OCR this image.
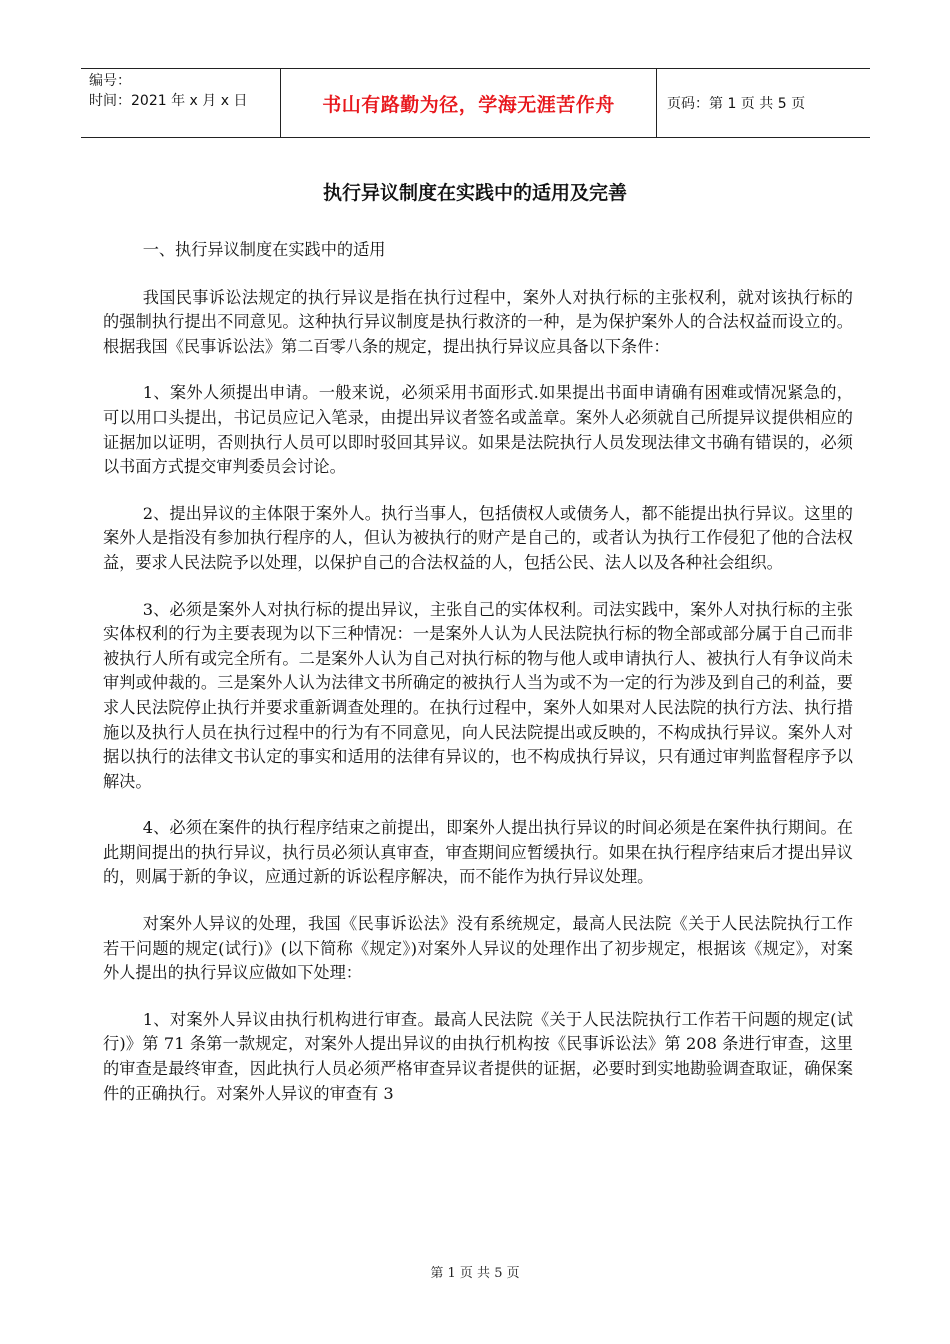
编号：
时间：2021 年 x 月 x 日	书山有路勤为径，学海无涯苦作舟	页码：第 1 页 共 5 页
执行异议制度在实践中的适用及完善

一、执行异议制度在实践中的适用

我国民事诉讼法规定的执行异议是指在执行过程中，案外人对执行标的主张权利，就对该执行标的的强制执行提出不同意见。这种执行异议制度是执行救济的一种，是为保护案外人的合法权益而设立的。根据我国《民事诉讼法》第二百零八条的规定，提出执行异议应具备以下条件：

1、案外人须提出申请。一般来说，必须采用书面形式.如果提出书面申请确有困难或情况紧急的，可以用口头提出，书记员应记入笔录，由提出异议者签名或盖章。案外人必须就自己所提异议提供相应的证据加以证明，否则执行人员可以即时驳回其异议。如果是法院执行人员发现法律文书确有错误的，必须以书面方式提交审判委员会讨论。

2、提出异议的主体限于案外人。执行当事人，包括债权人或债务人，都不能提出执行异议。这里的案外人是指没有参加执行程序的人，但认为被执行的财产是自己的，或者认为执行工作侵犯了他的合法权益，要求人民法院予以处理，以保护自己的合法权益的人，包括公民、法人以及各种社会组织。

3、必须是案外人对执行标的提出异议，主张自己的实体权利。司法实践中，案外人对执行标的主张实体权利的行为主要表现为以下三种情况：一是案外人认为人民法院执行标的物全部或部分属于自己而非被执行人所有或完全所有。二是案外人认为自己对执行标的物与他人或申请执行人、被执行人有争议尚未审判或仲裁的。三是案外人认为法律文书所确定的被执行人当为或不为一定的行为涉及到自己的利益，要求人民法院停止执行并要求重新调查处理的。在执行过程中，案外人如果对人民法院的执行方法、执行措施以及执行人员在执行过程中的行为有不同意见，向人民法院提出或反映的，不构成执行异议。案外人对据以执行的法律文书认定的事实和适用的法律有异议的，也不构成执行异议，只有通过审判监督程序予以解决。

4、必须在案件的执行程序结束之前提出，即案外人提出执行异议的时间必须是在案件执行期间。在此期间提出的执行异议，执行员必须认真审查，审查期间应暂缓执行。如果在执行程序结束后才提出异议的，则属于新的争议，应通过新的诉讼程序解决，而不能作为执行异议处理。

对案外人异议的处理，我国《民事诉讼法》没有系统规定，最高人民法院《关于人民法院执行工作若干问题的规定(试行)》(以下简称《规定》)对案外人异议的处理作出了初步规定，根据该《规定》，对案外人提出的执行异议应做如下处理：

1、对案外人异议由执行机构进行审查。最高人民法院《关于人民法院执行工作若干问题的规定(试行)》第 71 条第一款规定，对案外人提出异议的由执行机构按《民事诉讼法》第 208 条进行审查，这里的审查是最终审查，因此执行人员必须严格审查异议者提供的证据，必要时到实地勘验调查取证，确保案件的正确执行。对案外人异议的审查有 3

第 1 页 共 5 页
